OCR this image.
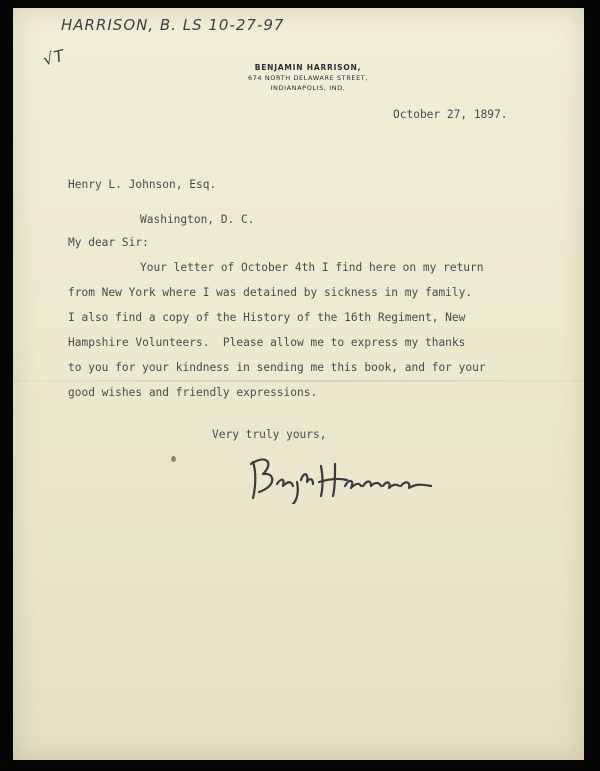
HARRISON, B. LS 10-27-97
√T	BENJAMIN HARRISON,
674 NORTH DELAWARE STREET,
INDIANAPOLIS, IND.

October 27, 1897.

Henry L. Johnson, Esq.

Washington, D. C.

My dear Sir:

Your letter of October 4th I find here on my return

from New York where I was detained by sickness in my family.

I also find a copy of the History of the 16th Regiment, New

Hampshire Volunteers.  Please allow me to express my thanks

to you for your kindness in sending me this book, and for your

good wishes and friendly expressions.

Very truly yours,
